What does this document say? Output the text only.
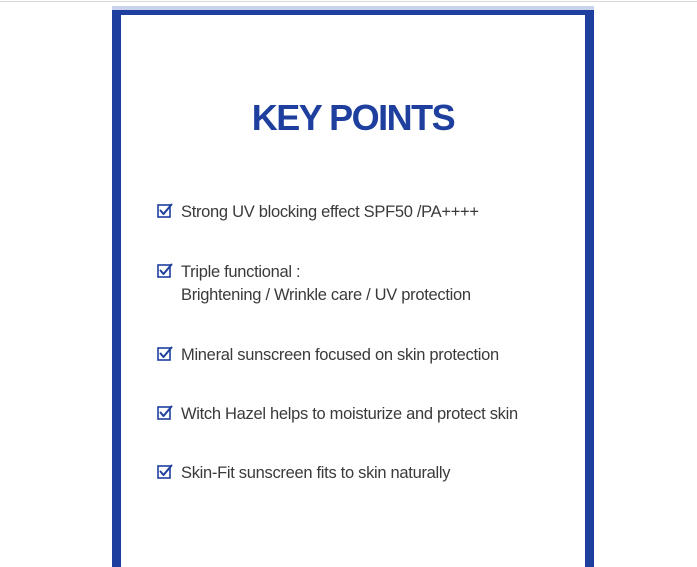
KEY POINTS
Strong UV blocking effect SPF50 /PA++++
Triple functional :
Brightening / Wrinkle care / UV protection
Mineral sunscreen focused on skin protection
Witch Hazel helps to moisturize and protect skin
Skin-Fit sunscreen fits to skin naturally
